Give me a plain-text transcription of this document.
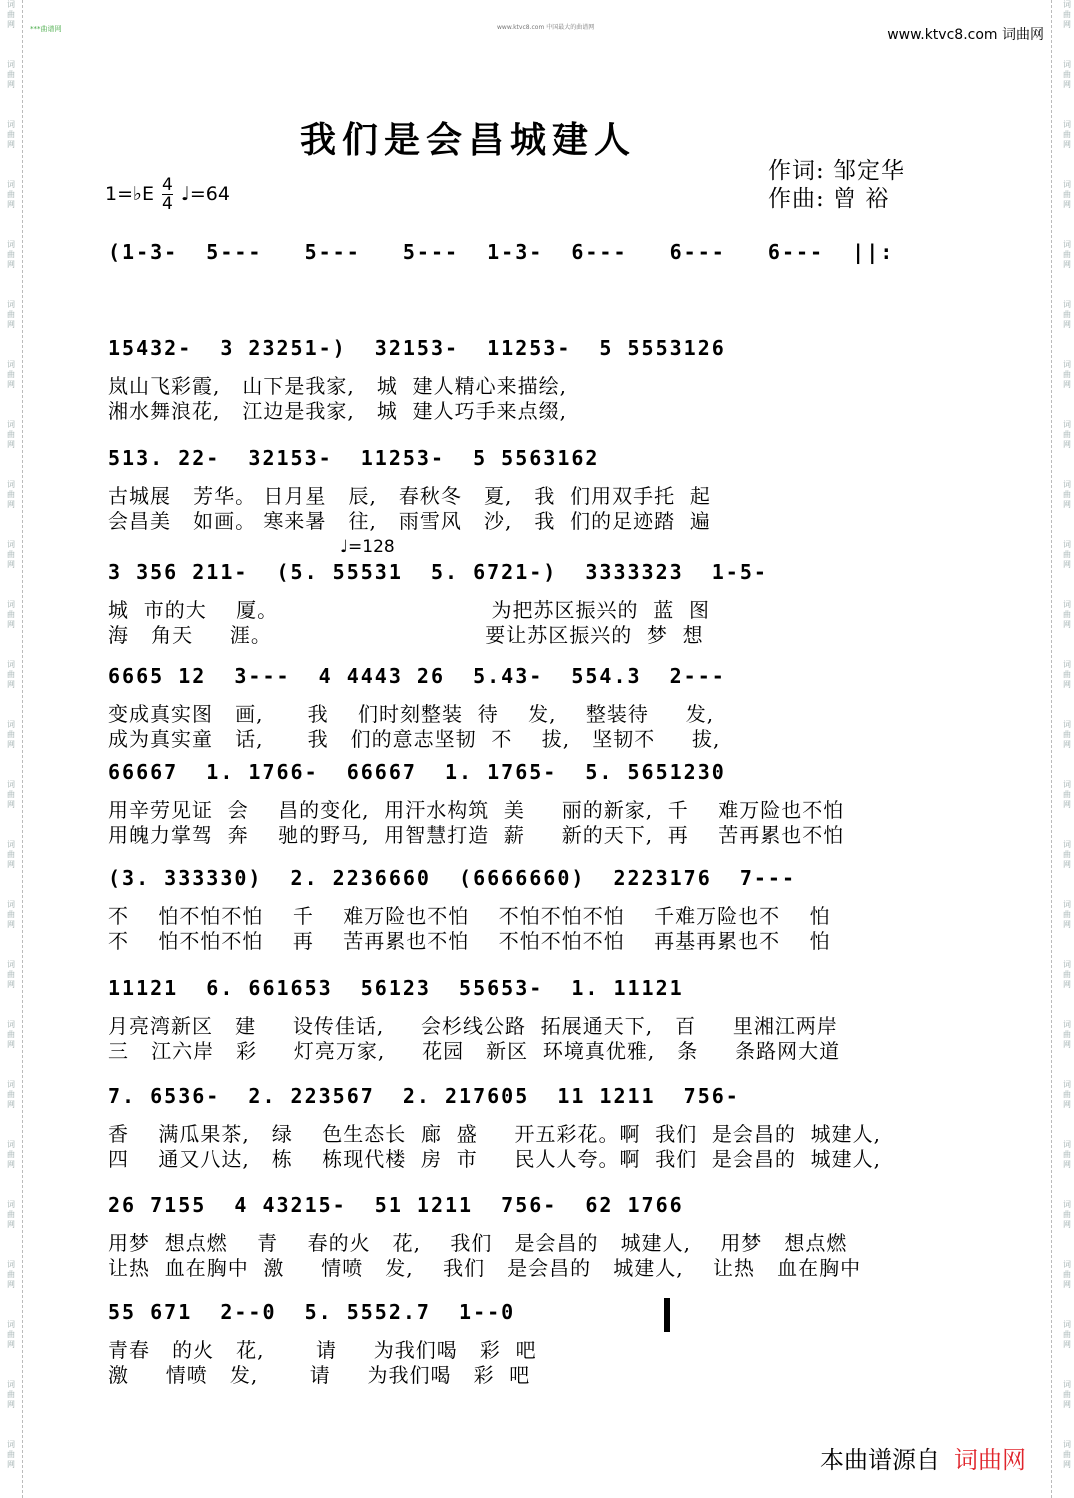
词
曲
网
词
曲
网
词
曲
网
词
曲
网
词
曲
网
词
曲
网
词
曲
网
词
曲
网
词
曲
网
词
曲
网
词
曲
网
词
曲
网
词
曲
网
词
曲
网
词
曲
网
词
曲
网
词
曲
网
词
曲
网
词
曲
网
词
曲
网
词
曲
网
词
曲
网
词
曲
网
词
曲
网
词
曲
网
词
曲
网
词
曲
网
词
曲
网
词
曲
网
词
曲
网
词
曲
网
词
曲
网
词
曲
网
词
曲
网
词
曲
网
词
曲
网
词
曲
网
词
曲
网
词
曲
网
词
曲
网
词
曲
网
词
曲
网
词
曲
网
词
曲
网
词
曲
网
词
曲
网
词
曲
网
词
曲
网
词
曲
网
词
曲
网
***曲谱网	www.ktvc8.com 中国最大的曲谱网	www.ktvc8.com 词曲网
我们是会昌城建人
作词: 邹定华
作曲: 曾 裕
1=♭E $\frac{4}{4}$ ♩=64
♩=128
(1-3-  5---   5---   5---  1-3-  6---   6---   6---  ||:
15432-  3 23251-)  32153-  11253-  5 5553126
岚山飞彩霞,   山下是我家,   城  建人精心来描绘,
湘水舞浪花,   江边是我家,   城  建人巧手来点缀,
513. 22-  32153-  11253-  5 5563162
古城展   芳华。 日月星   辰,   春秋冬   夏,   我  们用双手托  起
会昌美   如画。 寒来暑   往,   雨雪风   沙,   我  们的足迹踏  遍
3 356 211-  (5. 55531  5. 6721-)  3333323  1-5-
城  市的大    厦。                             为把苏区振兴的  蓝  图
海   角天     涯。                             要让苏区振兴的  梦  想
6665 12  3---  4 4443 26  5.43-  554.3  2---
变成真实图   画,      我    们时刻整装  待    发,    整装待     发,
成为真实童   话,      我   们的意志坚韧  不    拔,   坚韧不     拔,
66667  1. 1766-  66667  1. 1765-  5. 5651230
用辛劳见证  会    昌的变化,  用汗水构筑  美     丽的新家,  千    难万险也不怕
用魄力掌驾  奔    驰的野马,  用智慧打造  薪     新的天下,  再    苦再累也不怕
(3. 333330)  2. 2236660  (6666660)  2223176  7---
不    怕不怕不怕    千    难万险也不怕    不怕不怕不怕    千难万险也不    怕
不    怕不怕不怕    再    苦再累也不怕    不怕不怕不怕    再基再累也不    怕
11121  6. 661653  56123  55653-  1. 11121
月亮湾新区   建     设传佳话,     会杉线公路  拓展通天下,   百     里湘江两岸
三   江六岸   彩     灯亮万家,     花园   新区  环境真优雅,   条     条路网大道
7. 6536-  2. 223567  2. 217605  11 1211  756-
香    满瓜果茶,   绿    色生态长  廊  盛     开五彩花。啊  我们  是会昌的  城建人,
四    通又八达,   栋    栋现代楼  房  市     民人人夸。啊  我们  是会昌的  城建人,
26 7155  4 43215-  51 1211  756-  62 1766
用梦  想点燃    青    春的火   花,    我们   是会昌的   城建人,    用梦   想点燃
让热  血在胸中  激     情喷   发,    我们   是会昌的   城建人,    让热   血在胸中
55 671  2--0  5. 5552.7  1--0
青春   的火   花,       请     为我们喝   彩  吧
激     情喷   发,       请     为我们喝   彩  吧
本曲谱源自 词曲网
